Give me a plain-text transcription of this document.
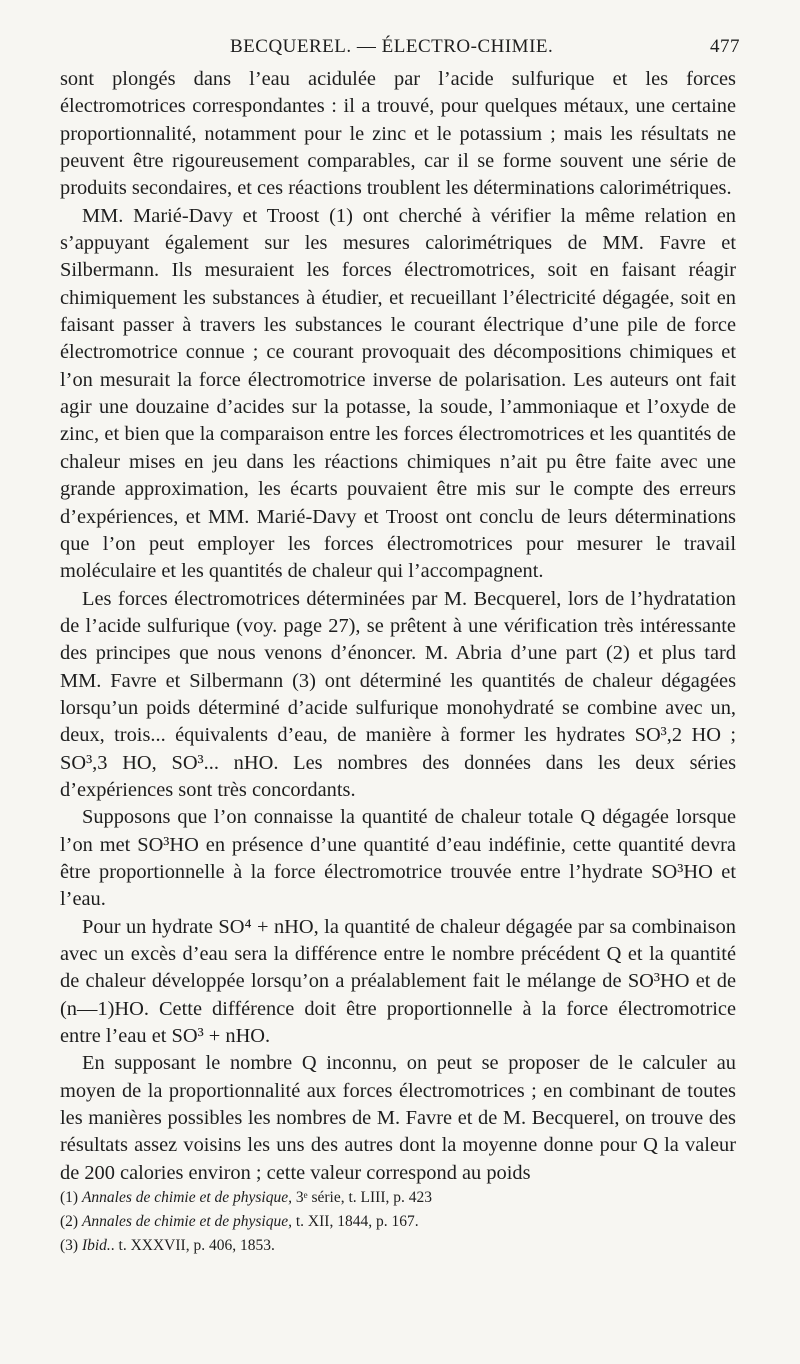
BECQUEREL. — ÉLECTRO-CHIMIE.	477

sont plongés dans l’eau acidulée par l’acide sulfurique et les forces électromotrices correspondantes : il a trouvé, pour quelques métaux, une certaine proportionnalité, notamment pour le zinc et le potassium ; mais les résultats ne peuvent être rigoureusement comparables, car il se forme souvent une série de produits secondaires, et ces réactions troublent les déterminations calorimétriques.

MM. Marié-Davy et Troost (1) ont cherché à vérifier la même relation en s’appuyant également sur les mesures calorimétriques de MM. Favre et Silbermann. Ils mesuraient les forces électromotrices, soit en faisant réagir chimiquement les substances à étudier, et recueillant l’électricité dégagée, soit en faisant passer à travers les substances le courant électrique d’une pile de force électromotrice connue ; ce courant provoquait des décompositions chimiques et l’on mesurait la force électromotrice inverse de polarisation. Les auteurs ont fait agir une douzaine d’acides sur la potasse, la soude, l’ammoniaque et l’oxyde de zinc, et bien que la comparaison entre les forces électromotrices et les quantités de chaleur mises en jeu dans les réactions chimiques n’ait pu être faite avec une grande approximation, les écarts pouvaient être mis sur le compte des erreurs d’expériences, et MM. Marié-Davy et Troost ont conclu de leurs déterminations que l’on peut employer les forces électromotrices pour mesurer le travail moléculaire et les quantités de chaleur qui l’accompagnent.

Les forces électromotrices déterminées par M. Becquerel, lors de l’hydratation de l’acide sulfurique (voy. page 27), se prêtent à une vérification très intéressante des principes que nous venons d’énoncer. M. Abria d’une part (2) et plus tard MM. Favre et Silbermann (3) ont déterminé les quantités de chaleur dégagées lorsqu’un poids déterminé d’acide sulfurique monohydraté se combine avec un, deux, trois... équivalents d’eau, de manière à former les hydrates SO³,2 HO ; SO³,3 HO, SO³... nHO. Les nombres des données dans les deux séries d’expériences sont très concordants.

Supposons que l’on connaisse la quantité de chaleur totale Q dégagée lorsque l’on met SO³HO en présence d’une quantité d’eau indéfinie, cette quantité devra être proportionnelle à la force électromotrice trouvée entre l’hydrate SO³HO et l’eau.

Pour un hydrate SO⁴ + nHO, la quantité de chaleur dégagée par sa combinaison avec un excès d’eau sera la différence entre le nombre précédent Q et la quantité de chaleur développée lorsqu’on a préalablement fait le mélange de SO³HO et de (n—1)HO. Cette différence doit être proportionnelle à la force électromotrice entre l’eau et SO³ + nHO.

En supposant le nombre Q inconnu, on peut se proposer de le calculer au moyen de la proportionnalité aux forces électromotrices ; en combinant de toutes les manières possibles les nombres de M. Favre et de M. Becquerel, on trouve des résultats assez voisins les uns des autres dont la moyenne donne pour Q la valeur de 200 calories environ ; cette valeur correspond au poids

(1) Annales de chimie et de physique, 3ᵉ série, t. LIII, p. 423
(2) Annales de chimie et de physique, t. XII, 1844, p. 167.
(3) Ibid.. t. XXXVII, p. 406, 1853.
